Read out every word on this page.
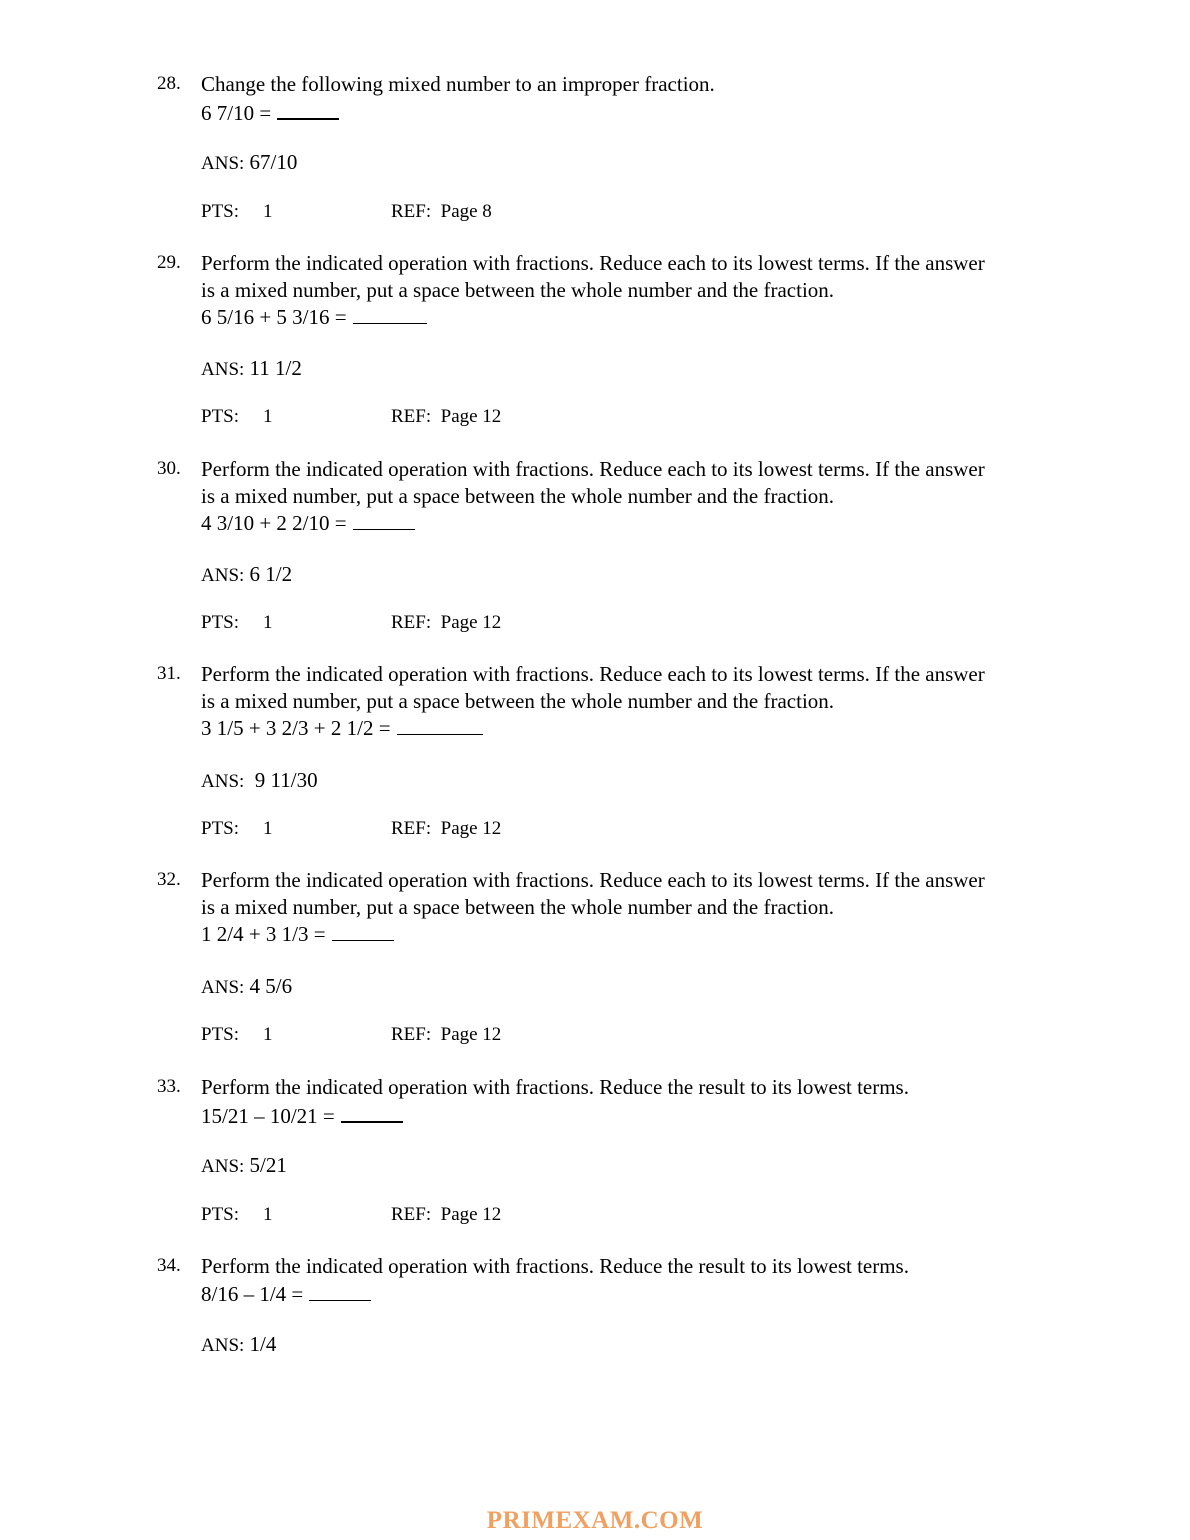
28. Change the following mixed number to an improper fraction.
6 7/10 =
ANS: 67/10
PTS: 1	REF: Page 8
29. Perform the indicated operation with fractions. Reduce each to its lowest terms. If the answer
is a mixed number, put a space between the whole number and the fraction.
6 5/16 + 5 3/16 =
ANS: 11 1/2
PTS: 1	REF: Page 12
30. Perform the indicated operation with fractions. Reduce each to its lowest terms. If the answer
is a mixed number, put a space between the whole number and the fraction.
4 3/10 + 2 2/10 =
ANS: 6 1/2
PTS: 1	REF: Page 12
31. Perform the indicated operation with fractions. Reduce each to its lowest terms. If the answer
is a mixed number, put a space between the whole number and the fraction.
3 1/5 + 3 2/3 + 2 1/2 =
ANS: 9 11/30
PTS: 1	REF: Page 12
32. Perform the indicated operation with fractions. Reduce each to its lowest terms. If the answer
is a mixed number, put a space between the whole number and the fraction.
1 2/4 + 3 1/3 =
ANS: 4 5/6
PTS: 1	REF: Page 12
33. Perform the indicated operation with fractions. Reduce the result to its lowest terms.
15/21 – 10/21 =
ANS: 5/21
PTS: 1	REF: Page 12
34. Perform the indicated operation with fractions. Reduce the result to its lowest terms.
8/16 – 1/4 =
ANS: 1/4
PRIMEXAM.COM
